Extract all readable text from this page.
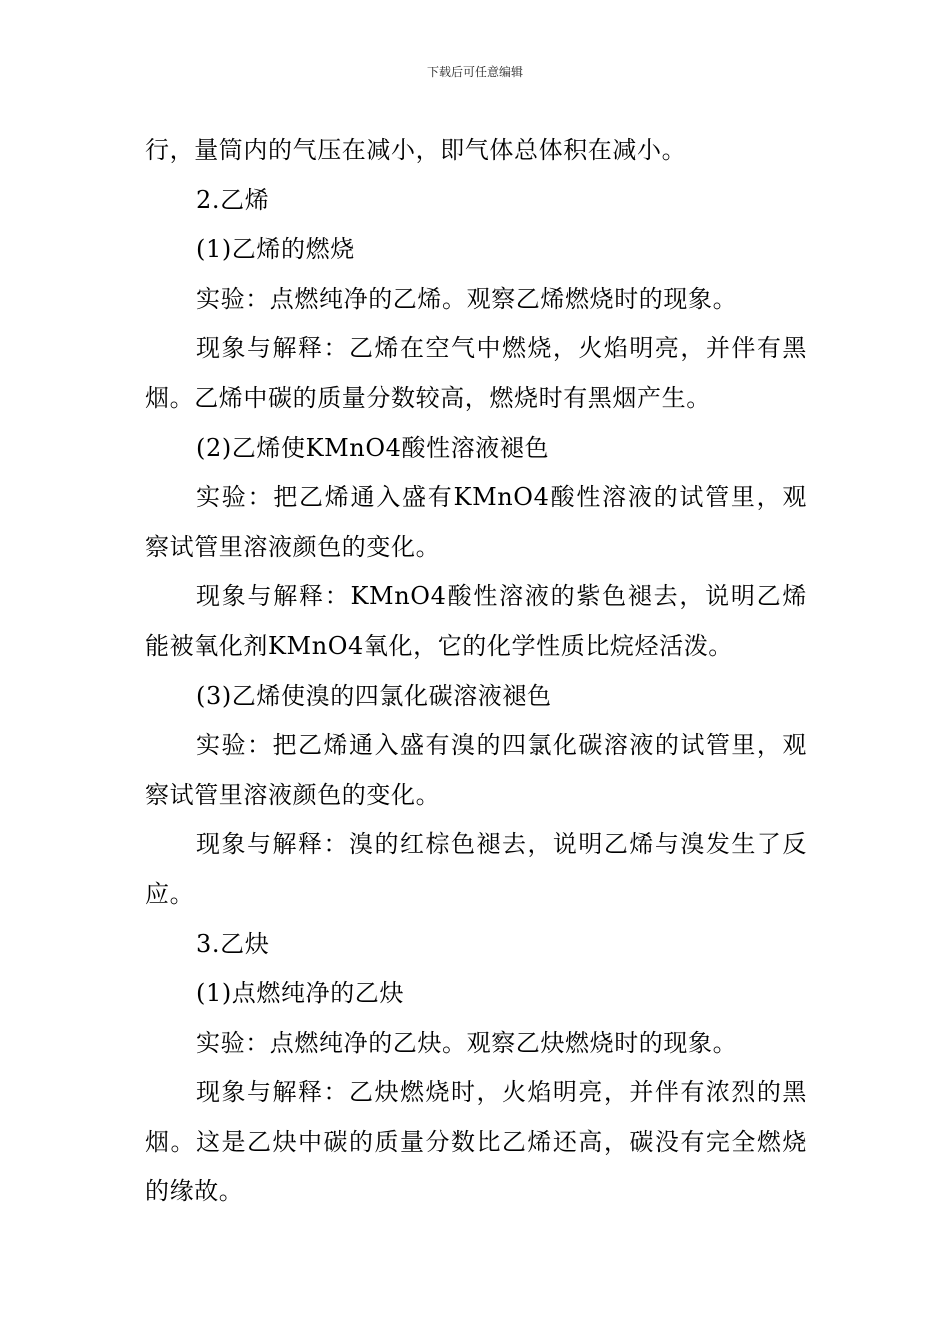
下载后可任意编辑

行，量筒内的气压在减小，即气体总体积在减小。

2.乙烯

(1)乙烯的燃烧

实验：点燃纯净的乙烯。观察乙烯燃烧时的现象。

现象与解释：乙烯在空气中燃烧，火焰明亮，并伴有黑烟。乙烯中碳的质量分数较高，燃烧时有黑烟产生。

(2)乙烯使KMnO4酸性溶液褪色

实验：把乙烯通入盛有KMnO4酸性溶液的试管里，观察试管里溶液颜色的变化。

现象与解释：KMnO4酸性溶液的紫色褪去，说明乙烯能被氧化剂KMnO4氧化，它的化学性质比烷烃活泼。

(3)乙烯使溴的四氯化碳溶液褪色

实验：把乙烯通入盛有溴的四氯化碳溶液的试管里，观察试管里溶液颜色的变化。

现象与解释：溴的红棕色褪去，说明乙烯与溴发生了反应。

3.乙炔

(1)点燃纯净的乙炔

实验：点燃纯净的乙炔。观察乙炔燃烧时的现象。

现象与解释：乙炔燃烧时，火焰明亮，并伴有浓烈的黑烟。这是乙炔中碳的质量分数比乙烯还高，碳没有完全燃烧的缘故。
